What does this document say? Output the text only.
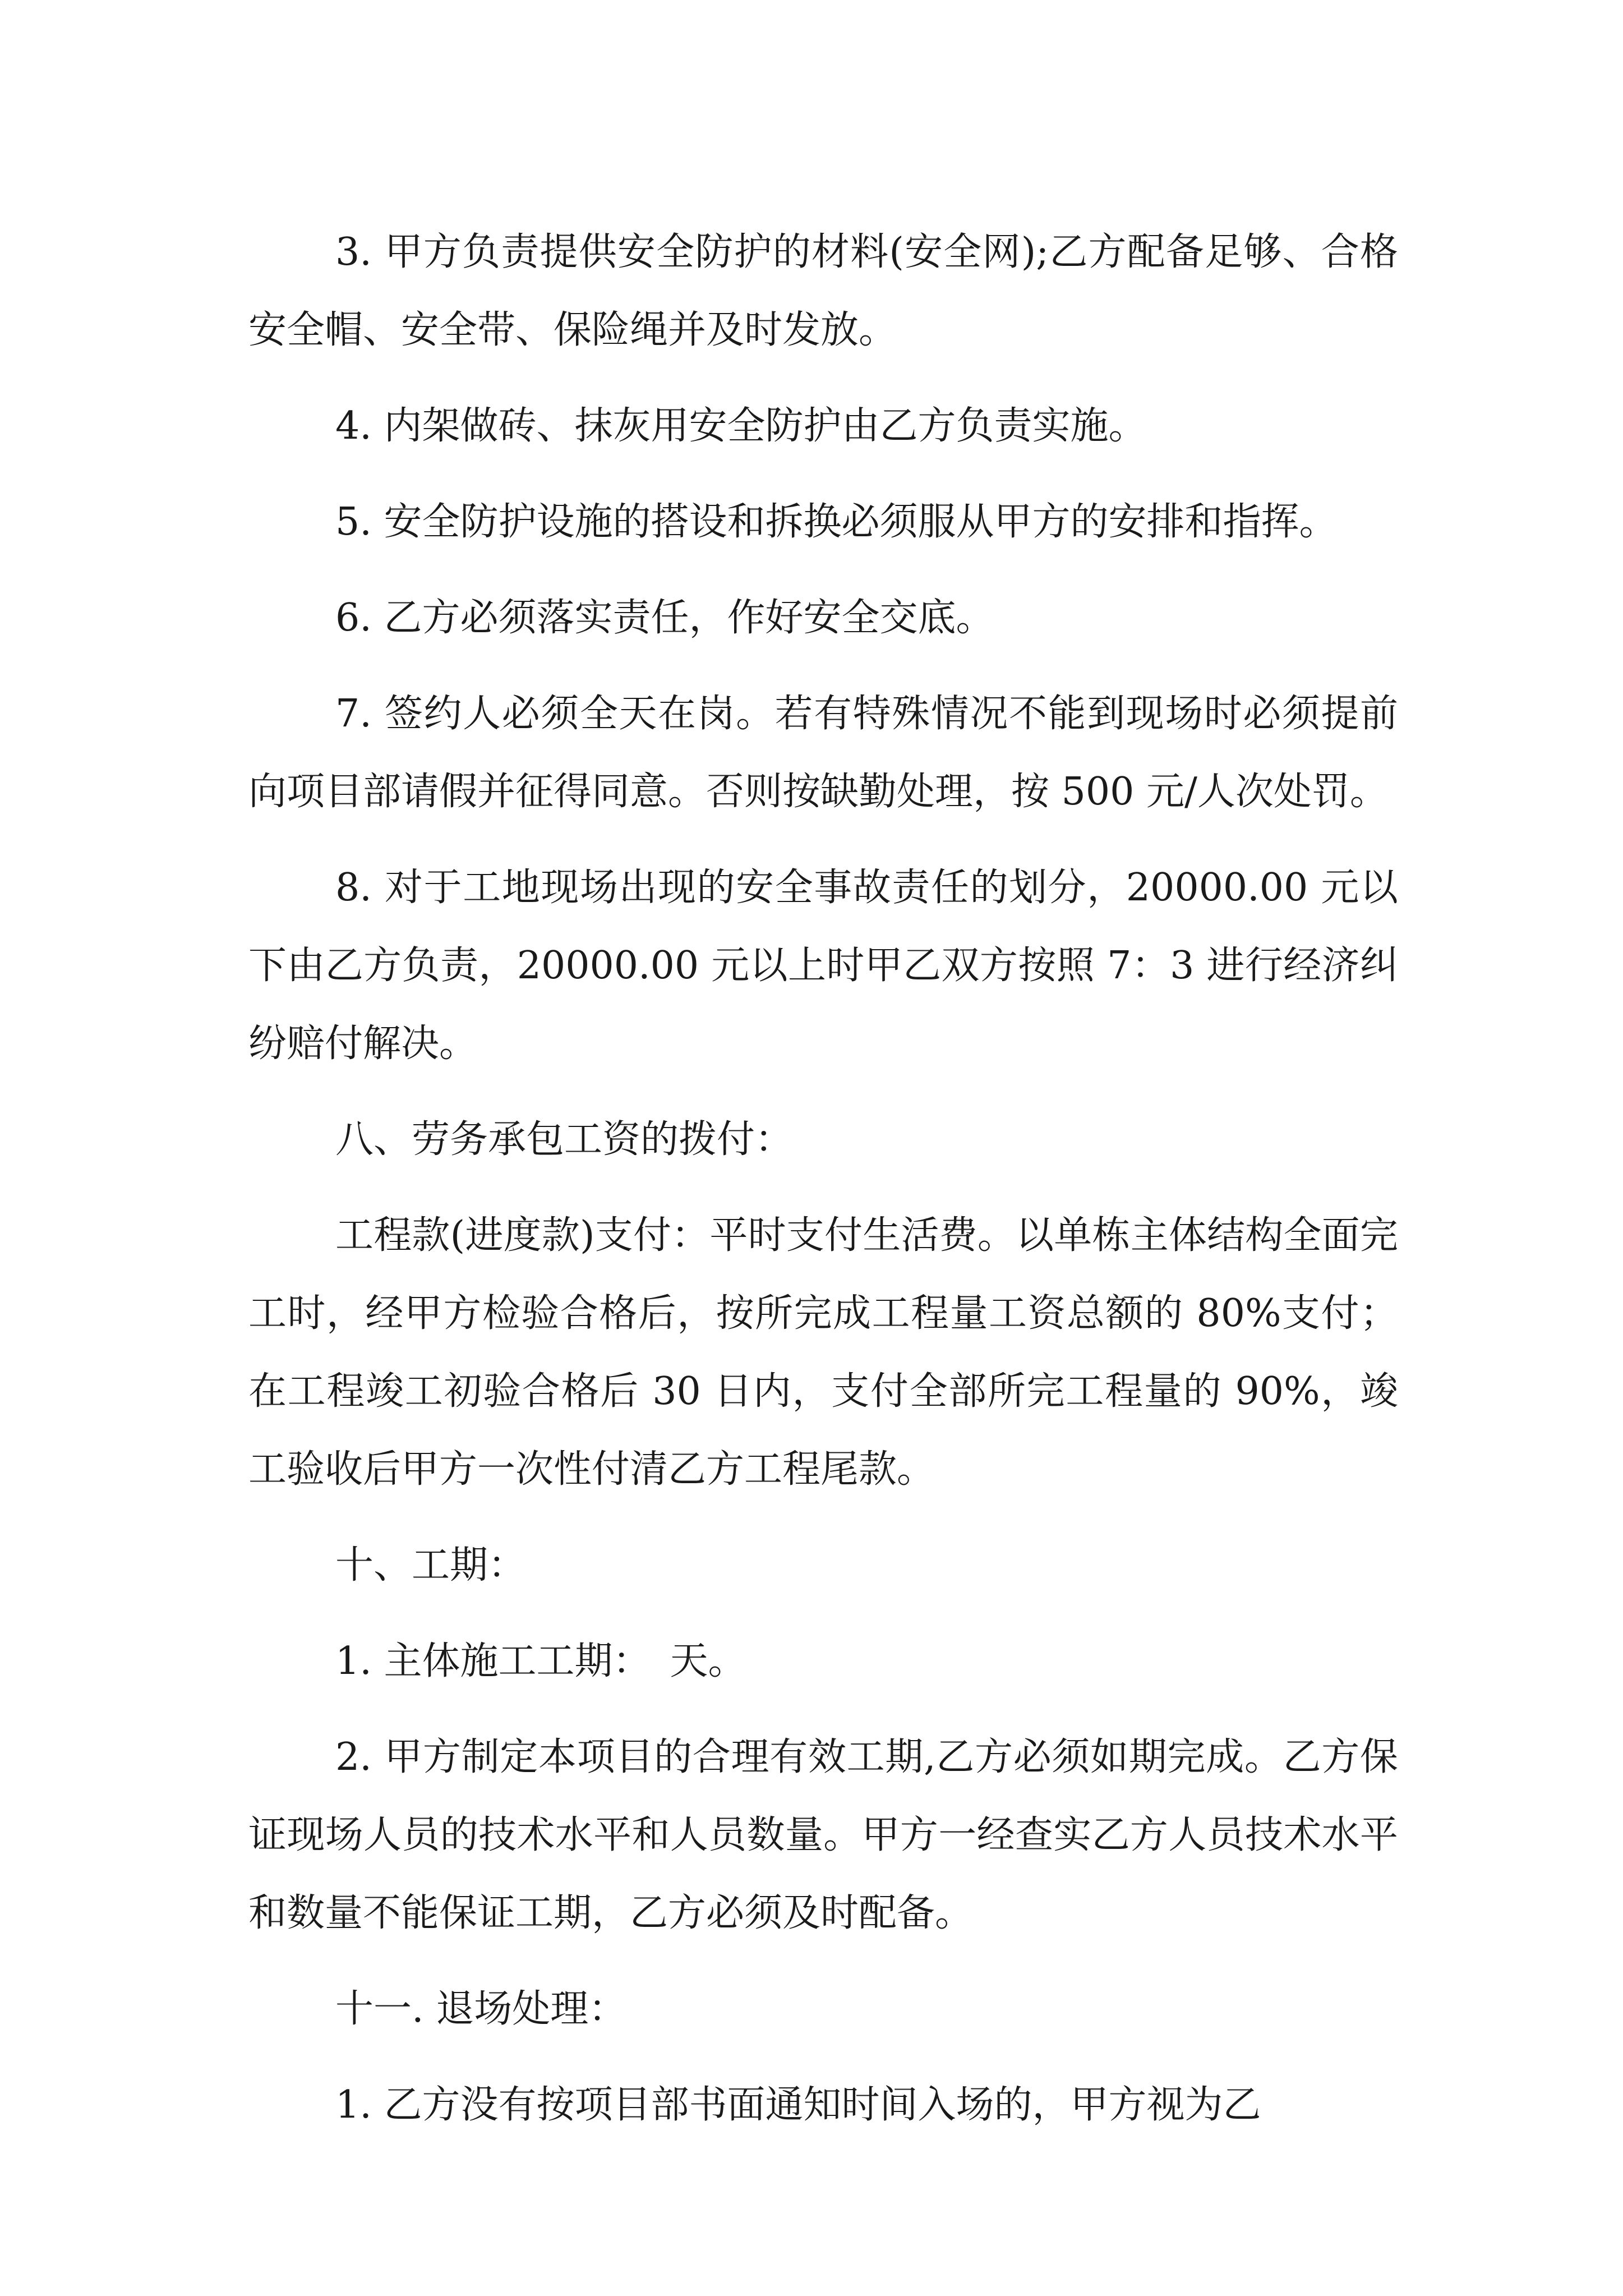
3. 甲方负责提供安全防护的材料(安全网);乙方配备足够、合格安全帽、安全带、保险绳并及时发放。

4. 内架做砖、抹灰用安全防护由乙方负责实施。

5. 安全防护设施的搭设和拆换必须服从甲方的安排和指挥。

6. 乙方必须落实责任，作好安全交底。

7. 签约人必须全天在岗。若有特殊情况不能到现场时必须提前向项目部请假并征得同意。否则按缺勤处理，按 500 元/人次处罚。

8. 对于工地现场出现的安全事故责任的划分，20000.00 元以下由乙方负责，20000.00 元以上时甲乙双方按照 7：3 进行经济纠纷赔付解决。

八、劳务承包工资的拨付：

工程款(进度款)支付：平时支付生活费。以单栋主体结构全面完工时，经甲方检验合格后，按所完成工程量工资总额的 80%支付；在工程竣工初验合格后 30 日内，支付全部所完工程量的 90%，竣工验收后甲方一次性付清乙方工程尾款。

十、工期：

1. 主体施工工期：　天。

2. 甲方制定本项目的合理有效工期,乙方必须如期完成。乙方保证现场人员的技术水平和人员数量。甲方一经查实乙方人员技术水平和数量不能保证工期，乙方必须及时配备。

十一. 退场处理：

1. 乙方没有按项目部书面通知时间入场的，甲方视为乙
